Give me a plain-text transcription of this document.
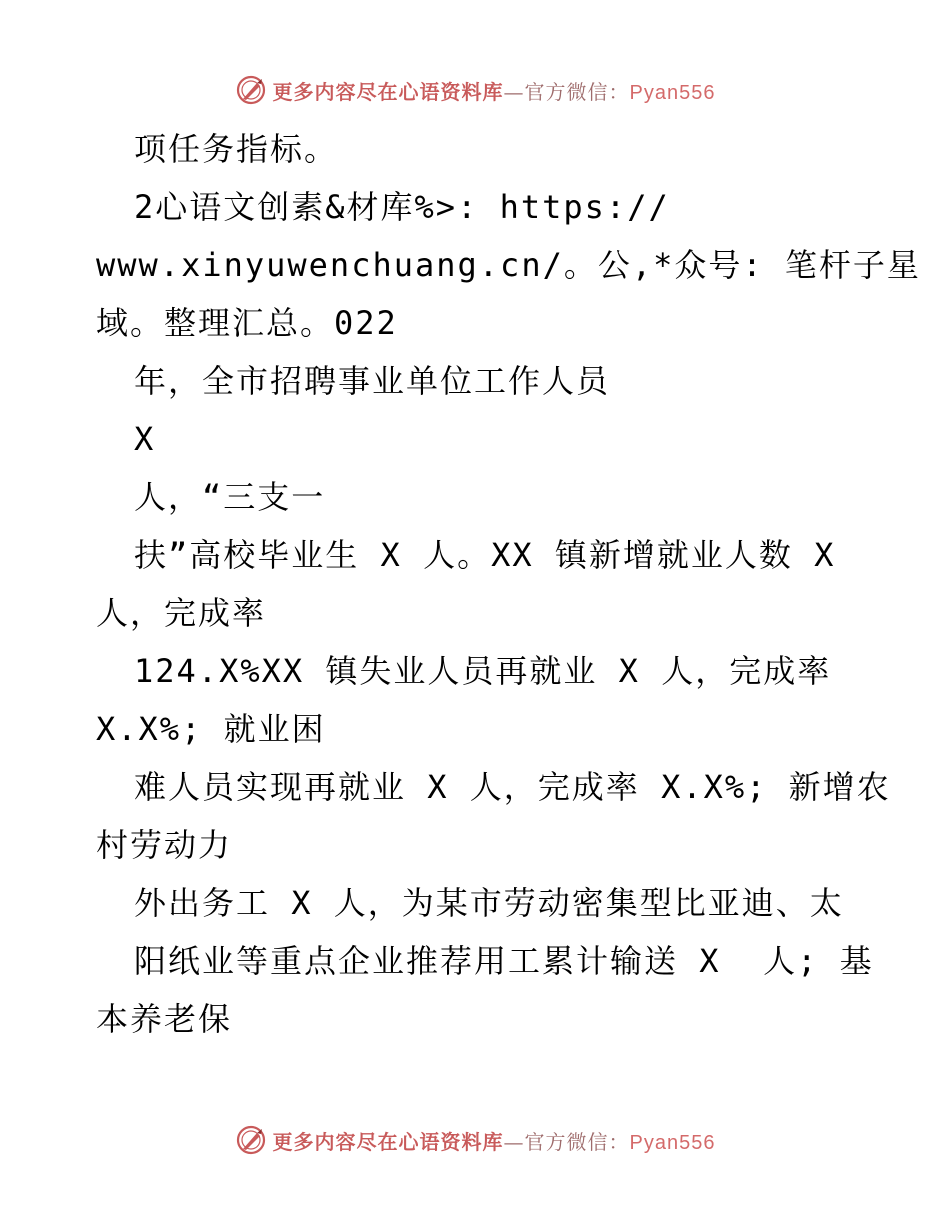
更多内容尽在心语资料库—官方微信：Pyan556
项任务指标。
2心语文创素&材库%>: https://
www.xinyuwenchuang.cn/。公,*众号: 笔杆子星
域。整理汇总。022
年，全市招聘事业单位工作人员
X
人，“三支一
扶”高校毕业生 X 人。XX 镇新增就业人数 X
人，完成率
124.X%XX 镇失业人员再就业 X 人，完成率
X.X%; 就业困
难人员实现再就业 X 人，完成率 X.X%; 新增农
村劳动力
外出务工 X 人，为某市劳动密集型比亚迪、太
阳纸业等重点企业推荐用工累计输送 X  人; 基
本养老保
更多内容尽在心语资料库—官方微信：Pyan556
